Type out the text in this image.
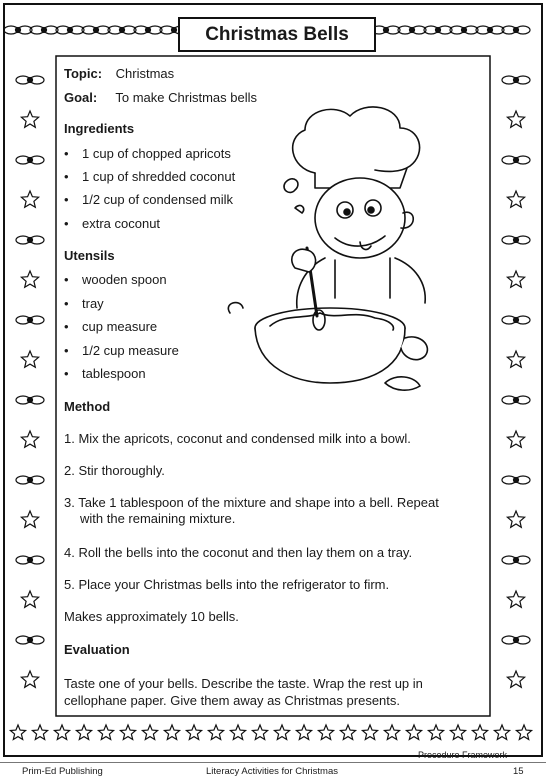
Christmas Bells
Topic: Christmas
Goal: To make Christmas bells
Ingredients
• 1 cup of chopped apricots
• 1 cup of shredded coconut
• 1/2 cup of condensed milk
• extra coconut
Utensils
• wooden spoon
• tray
• cup measure
• 1/2 cup measure
• tablespoon
Method
1. Mix the apricots, coconut and condensed milk into a bowl.
2. Stir thoroughly.
3. Take 1 tablespoon of the mixture and shape into a bell. Repeat with the remaining mixture.
4. Roll the bells into the coconut and then lay them on a tray.
5. Place your Christmas bells into the refrigerator to firm.
Makes approximately 10 bells.
Evaluation
Taste one of your bells. Describe the taste. Wrap the rest up in cellophane paper. Give them away as Christmas presents.
Procedure Framework
Prim-Ed Publishing	Literacy Activities for Christmas	15
